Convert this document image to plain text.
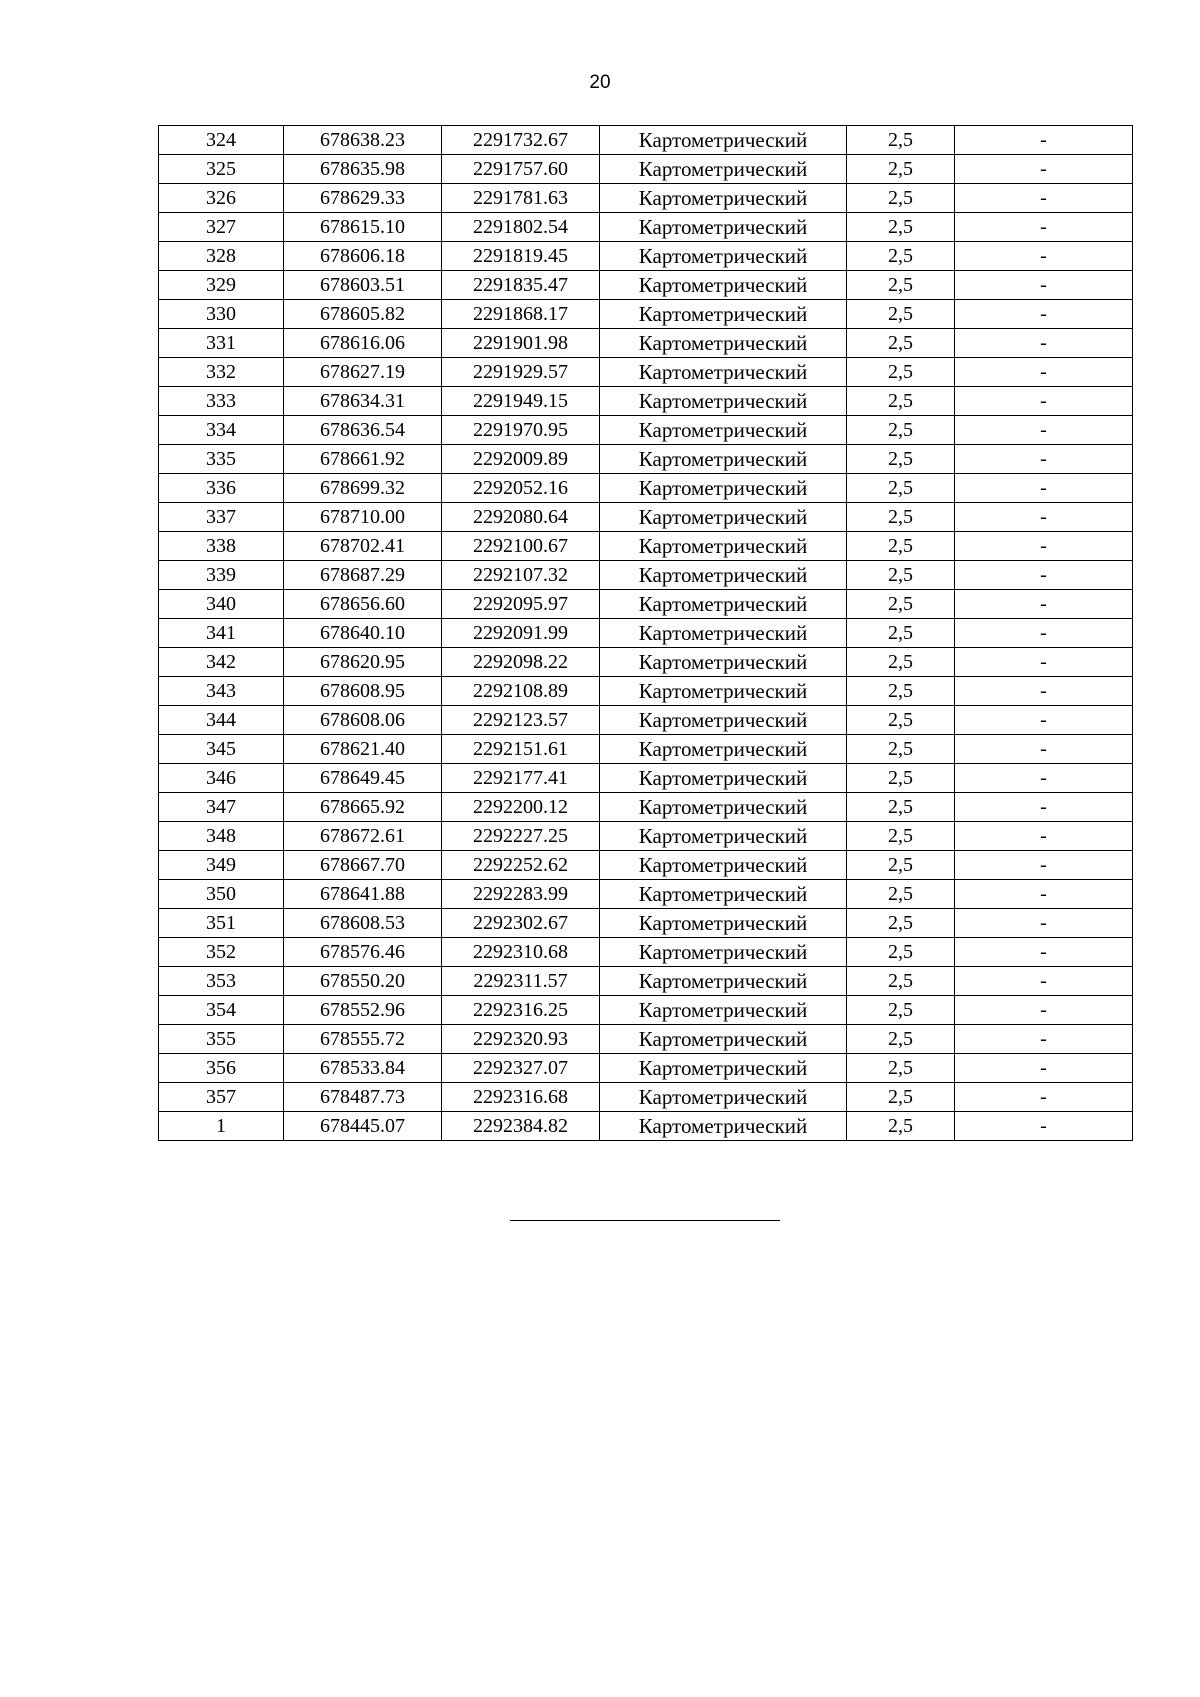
20
324	678638.23	2291732.67	Картометрический	2,5	-
325	678635.98	2291757.60	Картометрический	2,5	-
326	678629.33	2291781.63	Картометрический	2,5	-
327	678615.10	2291802.54	Картометрический	2,5	-
328	678606.18	2291819.45	Картометрический	2,5	-
329	678603.51	2291835.47	Картометрический	2,5	-
330	678605.82	2291868.17	Картометрический	2,5	-
331	678616.06	2291901.98	Картометрический	2,5	-
332	678627.19	2291929.57	Картометрический	2,5	-
333	678634.31	2291949.15	Картометрический	2,5	-
334	678636.54	2291970.95	Картометрический	2,5	-
335	678661.92	2292009.89	Картометрический	2,5	-
336	678699.32	2292052.16	Картометрический	2,5	-
337	678710.00	2292080.64	Картометрический	2,5	-
338	678702.41	2292100.67	Картометрический	2,5	-
339	678687.29	2292107.32	Картометрический	2,5	-
340	678656.60	2292095.97	Картометрический	2,5	-
341	678640.10	2292091.99	Картометрический	2,5	-
342	678620.95	2292098.22	Картометрический	2,5	-
343	678608.95	2292108.89	Картометрический	2,5	-
344	678608.06	2292123.57	Картометрический	2,5	-
345	678621.40	2292151.61	Картометрический	2,5	-
346	678649.45	2292177.41	Картометрический	2,5	-
347	678665.92	2292200.12	Картометрический	2,5	-
348	678672.61	2292227.25	Картометрический	2,5	-
349	678667.70	2292252.62	Картометрический	2,5	-
350	678641.88	2292283.99	Картометрический	2,5	-
351	678608.53	2292302.67	Картометрический	2,5	-
352	678576.46	2292310.68	Картометрический	2,5	-
353	678550.20	2292311.57	Картометрический	2,5	-
354	678552.96	2292316.25	Картометрический	2,5	-
355	678555.72	2292320.93	Картометрический	2,5	-
356	678533.84	2292327.07	Картометрический	2,5	-
357	678487.73	2292316.68	Картометрический	2,5	-
1	678445.07	2292384.82	Картометрический	2,5	-
